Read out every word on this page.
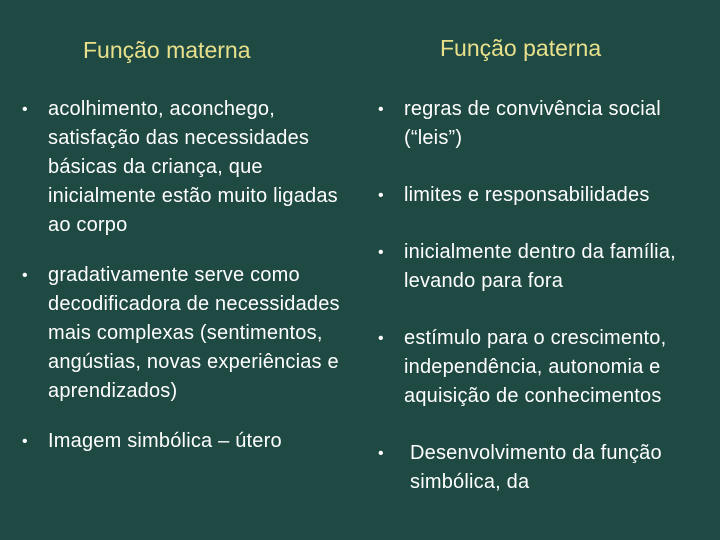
Função materna	Função paterna
•	acolhimento, aconchego, satisfação das necessidades básicas da criança, que inicialmente estão muito ligadas ao corpo
•	gradativamente serve como decodificadora de necessidades mais complexas (sentimentos, angústias, novas experiências e aprendizados)
•	Imagem simbólica – útero
•	regras de convivência social (“leis”)
•	limites e responsabilidades
•	inicialmente dentro da família, levando para fora
•	estímulo para o crescimento, independência, autonomia e aquisição de conhecimentos
•	Desenvolvimento da função simbólica, da
